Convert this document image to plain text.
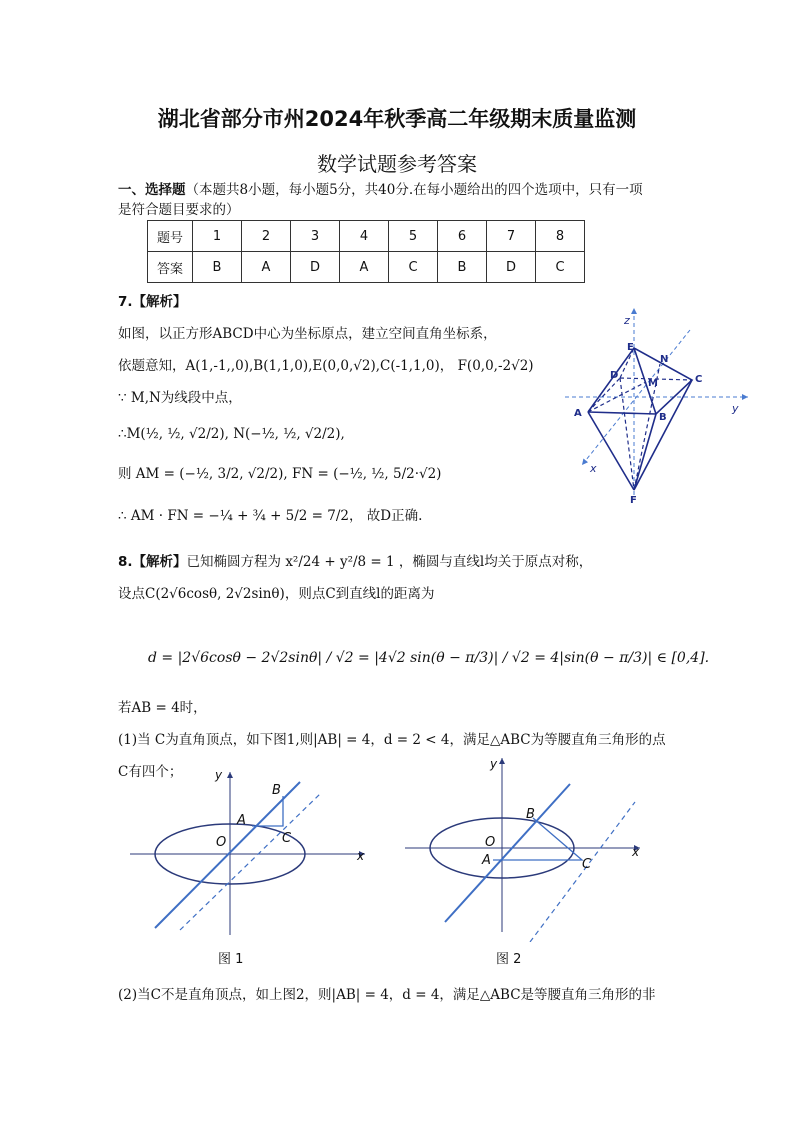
湖北省部分市州2024年秋季高二年级期末质量监测
数学试题参考答案
一、选择题（本题共8小题，每小题5分，共40分.在每小题给出的四个选项中，只有一项
是符合题目要求的）
题号	1	2	3	4	5	6	7	8
答案	B	A	D	A	C	B	D	C
7.【解析】
如图，以正方形ABCD中心为坐标原点，建立空间直角坐标系，
依题意知，A(1,-1,,0),B(1,1,0),E(0,0,√2),C(-1,1,0)， F(0,0,-2√2)
∵ M,N为线段中点，
∴M(½, ½, √2/2), N(−½, ½, √2/2),
则 AM = (−½, 3/2, √2/2), FN = (−½, ½, 5/2·√2)
∴ AM · FN = −¼ + ¾ + 5/2 = 7/2， 故D正确.
z
y
x
E
N
D
M	C
A	B
F
8.【解析】已知椭圆方程为 x²/24 + y²/8 = 1 ，椭圆与直线l均关于原点对称，
设点C(2√6cosθ, 2√2sinθ)，则点C到直线l的距离为
d = |2√6cosθ − 2√2sinθ| / √2 = |4√2 sin(θ − π/3)| / √2 = 4|sin(θ − π/3)| ∈ [0,4].
若AB = 4时，
(1)当 C为直角顶点，如下图1,则|AB| = 4，d = 2 < 4，满足△ABC为等腰直角三角形的点
C有四个；
A
B
C
O
x
y
图 1
B
A	C
O
x
y
图 2
(2)当C不是直角顶点，如上图2，则|AB| = 4，d = 4，满足△ABC是等腰直角三角形的非
